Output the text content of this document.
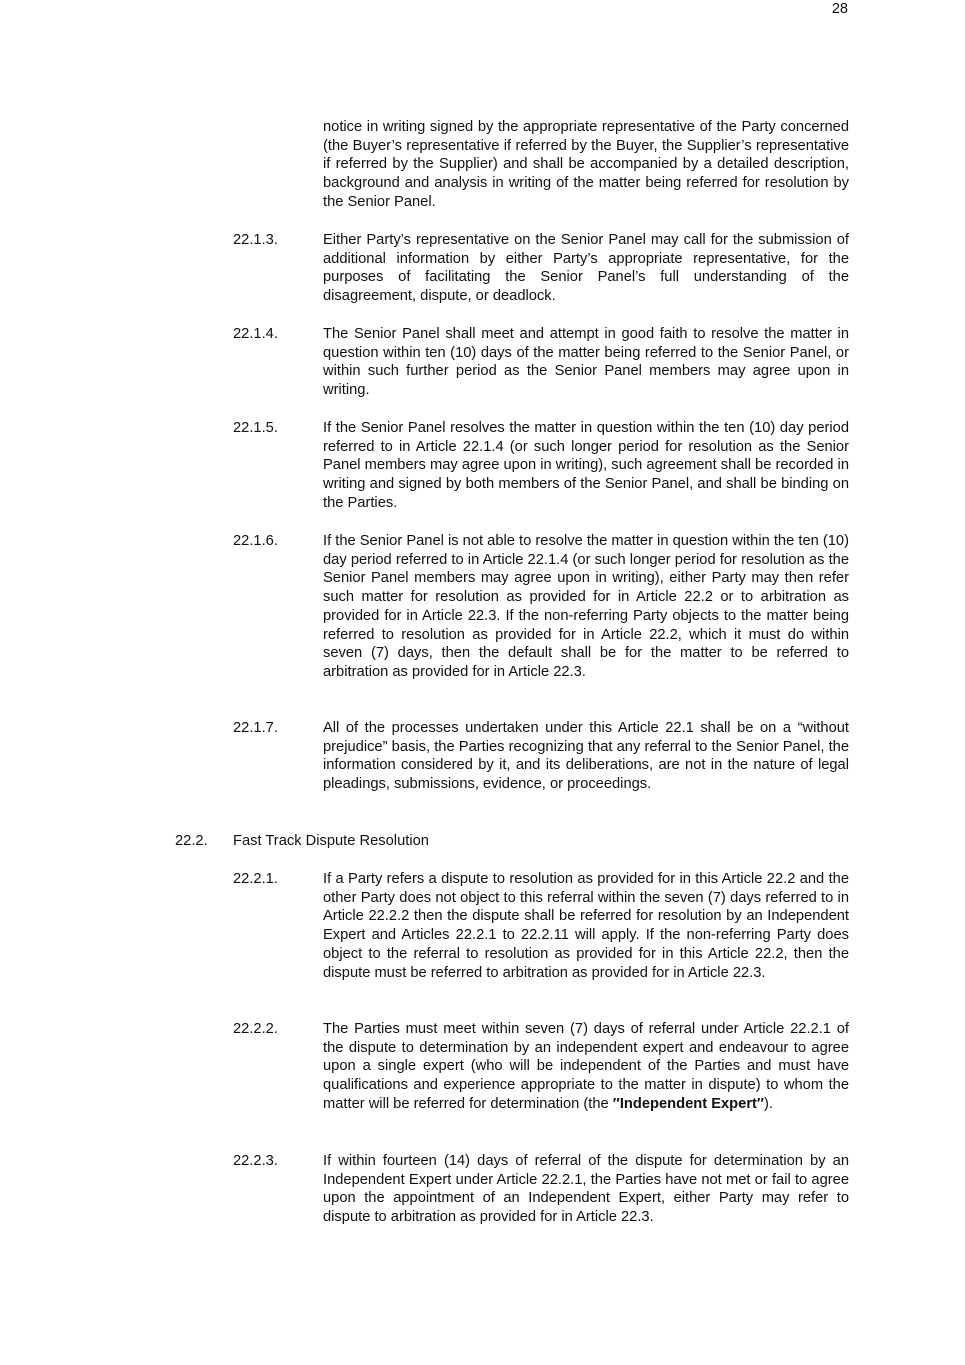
28
notice in writing signed by the appropriate representative of the Party concerned (the Buyer’s representative if referred by the Buyer, the Supplier’s representative if referred by the Supplier) and shall be accompanied by a detailed description, background and analysis in writing of the matter being referred for resolution by the Senior Panel.
22.1.3.	Either Party’s representative on the Senior Panel may call for the submission of additional information by either Party’s appropriate representative, for the purposes of facilitating the Senior Panel’s full understanding of the disagreement, dispute, or deadlock.
22.1.4.	The Senior Panel shall meet and attempt in good faith to resolve the matter in question within ten (10) days of the matter being referred to the Senior Panel, or within such further period as the Senior Panel members may agree upon in writing.
22.1.5.	If the Senior Panel resolves the matter in question within the ten (10) day period referred to in Article 22.1.4 (or such longer period for resolution as the Senior Panel members may agree upon in writing), such agreement shall be recorded in writing and signed by both members of the Senior Panel, and shall be binding on the Parties.
22.1.6.	If the Senior Panel is not able to resolve the matter in question within the ten (10) day period referred to in Article 22.1.4 (or such longer period for resolution as the Senior Panel members may agree upon in writing), either Party may then refer such matter for resolution as provided for in Article 22.2 or to arbitration as provided for in Article 22.3. If the non-referring Party objects to the matter being referred to resolution as provided for in Article 22.2, which it must do within seven (7) days, then the default shall be for the matter to be referred to arbitration as provided for in Article 22.3.
22.1.7.	All of the processes undertaken under this Article 22.1 shall be on a “without prejudice” basis, the Parties recognizing that any referral to the Senior Panel, the information considered by it, and its deliberations, are not in the nature of legal pleadings, submissions, evidence, or proceedings.
22.2. Fast Track Dispute Resolution
22.2.1.	If a Party refers a dispute to resolution as provided for in this Article 22.2 and the other Party does not object to this referral within the seven (7) days referred to in Article 22.2.2 then the dispute shall be referred for resolution by an Independent Expert and Articles 22.2.1 to 22.2.11 will apply. If the non-referring Party does object to the referral to resolution as provided for in this Article 22.2, then the dispute must be referred to arbitration as provided for in Article 22.3.
22.2.2.	The Parties must meet within seven (7) days of referral under Article 22.2.1 of the dispute to determination by an independent expert and endeavour to agree upon a single expert (who will be independent of the Parties and must have qualifications and experience appropriate to the matter in dispute) to whom the matter will be referred for determination (the ″Independent Expert″).
22.2.3.	If within fourteen (14) days of referral of the dispute for determination by an Independent Expert under Article 22.2.1, the Parties have not met or fail to agree upon the appointment of an Independent Expert, either Party may refer to dispute to arbitration as provided for in Article 22.3.
